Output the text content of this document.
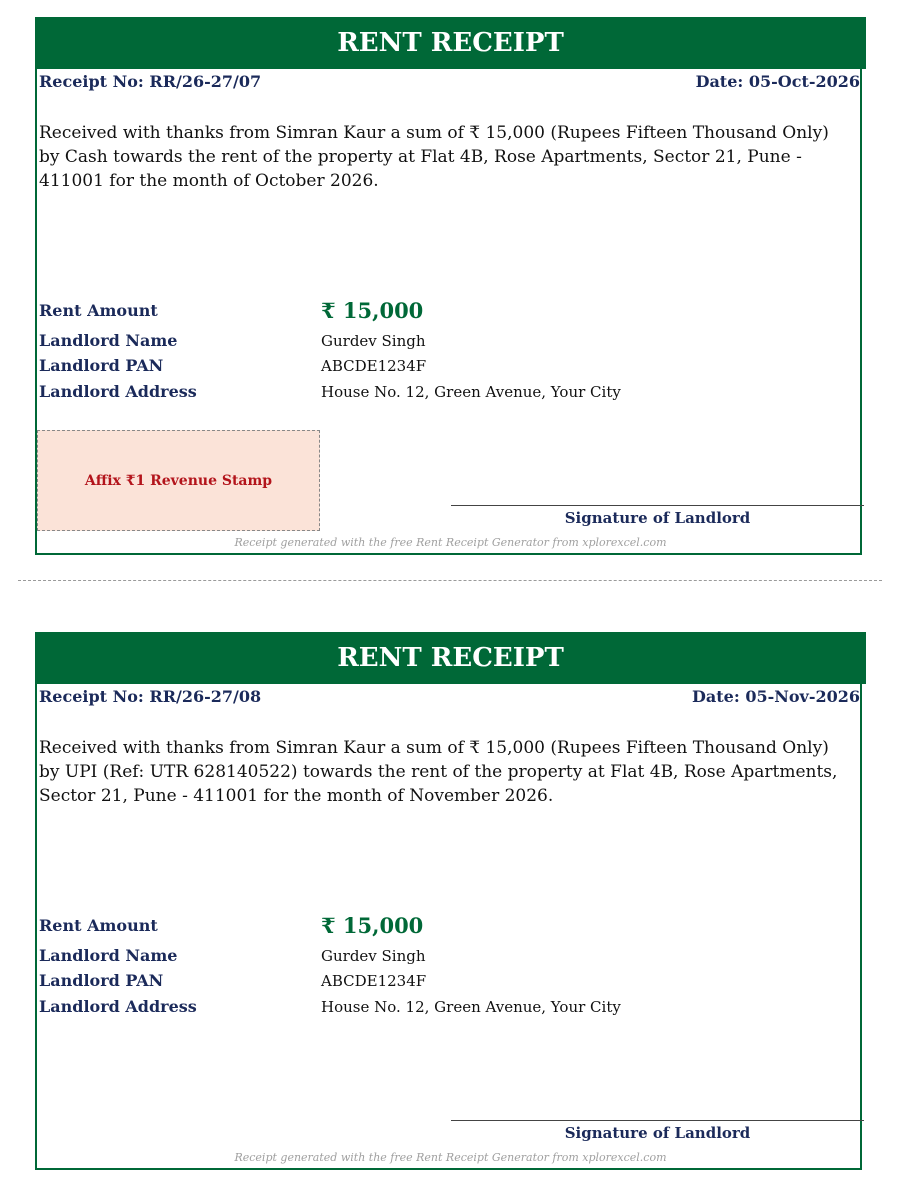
RENT RECEIPT
Receipt No: RR/26-27/07	Date: 05-Oct-2026
Received with thanks from Simran Kaur a sum of ₹ 15,000 (Rupees Fifteen Thousand Only) by Cash towards the rent of the property at Flat 4B, Rose Apartments, Sector 21, Pune - 411001 for the month of October 2026.
Rent Amount	₹ 15,000
Landlord Name	Gurdev Singh
Landlord PAN	ABCDE1234F
Landlord Address	House No. 12, Green Avenue, Your City
Affix ₹1 Revenue Stamp
Signature of Landlord
Receipt generated with the free Rent Receipt Generator from xplorexcel.com
RENT RECEIPT
Receipt No: RR/26-27/08	Date: 05-Nov-2026
Received with thanks from Simran Kaur a sum of ₹ 15,000 (Rupees Fifteen Thousand Only) by UPI (Ref: UTR 628140522) towards the rent of the property at Flat 4B, Rose Apartments, Sector 21, Pune - 411001 for the month of November 2026.
Rent Amount	₹ 15,000
Landlord Name	Gurdev Singh
Landlord PAN	ABCDE1234F
Landlord Address	House No. 12, Green Avenue, Your City
Signature of Landlord
Receipt generated with the free Rent Receipt Generator from xplorexcel.com
